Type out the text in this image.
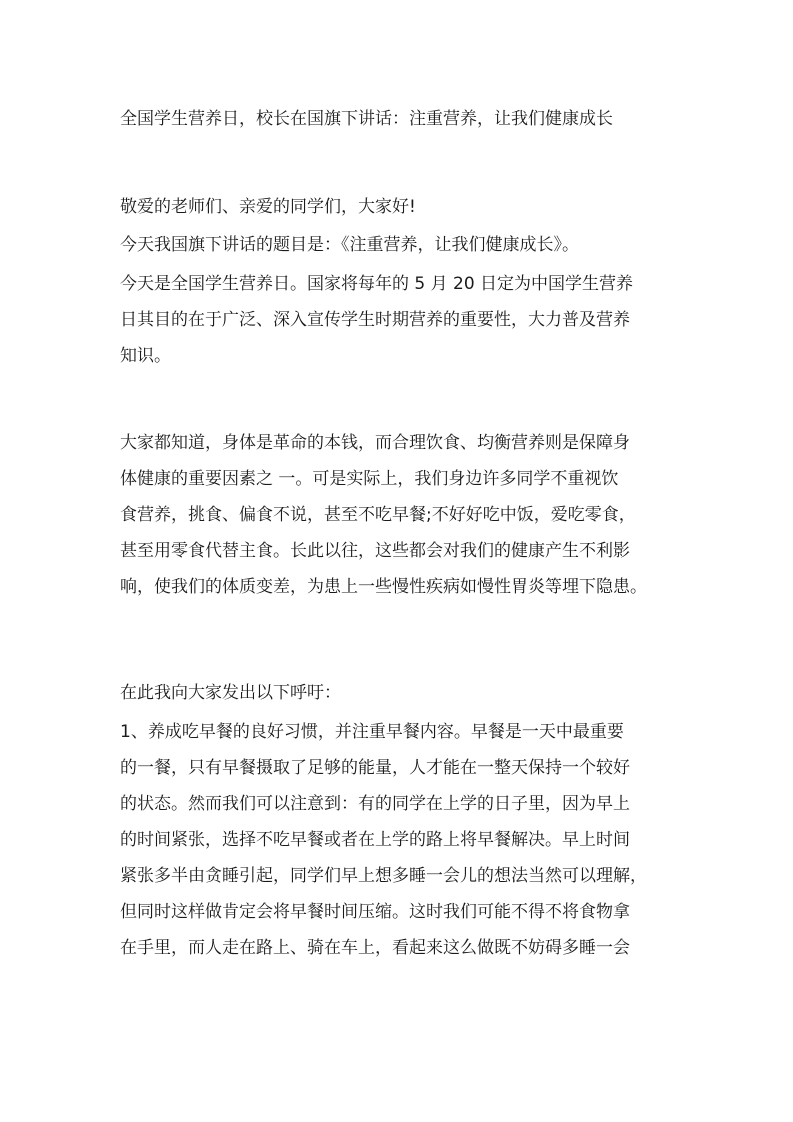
全国学生营养日，校长在国旗下讲话：注重营养，让我们健康成长
敬爱的老师们、亲爱的同学们，大家好!
今天我国旗下讲话的题目是：《注重营养，让我们健康成长》。
今天是全国学生营养日。国家将每年的 5 月 20 日定为中国学生营养
日其目的在于广泛、深入宣传学生时期营养的重要性，大力普及营养
知识。
大家都知道，身体是革命的本钱，而合理饮食、均衡营养则是保障身
体健康的重要因素之 一。可是实际上，我们身边许多同学不重视饮
食营养，挑食、偏食不说，甚至不吃早餐;不好好吃中饭，爱吃零食，
甚至用零食代替主食。长此以往，这些都会对我们的健康产生不利影
响，使我们的体质变差，为患上一些慢性疾病如慢性胃炎等埋下隐患。
在此我向大家发出以下呼吁：
1、养成吃早餐的良好习惯，并注重早餐内容。早餐是一天中最重要
的一餐，只有早餐摄取了足够的能量，人才能在一整天保持一个较好
的状态。然而我们可以注意到：有的同学在上学的日子里，因为早上
的时间紧张，选择不吃早餐或者在上学的路上将早餐解决。早上时间
紧张多半由贪睡引起，同学们早上想多睡一会儿的想法当然可以理解，
但同时这样做肯定会将早餐时间压缩。这时我们可能不得不将食物拿
在手里，而人走在路上、骑在车上，看起来这么做既不妨碍多睡一会
